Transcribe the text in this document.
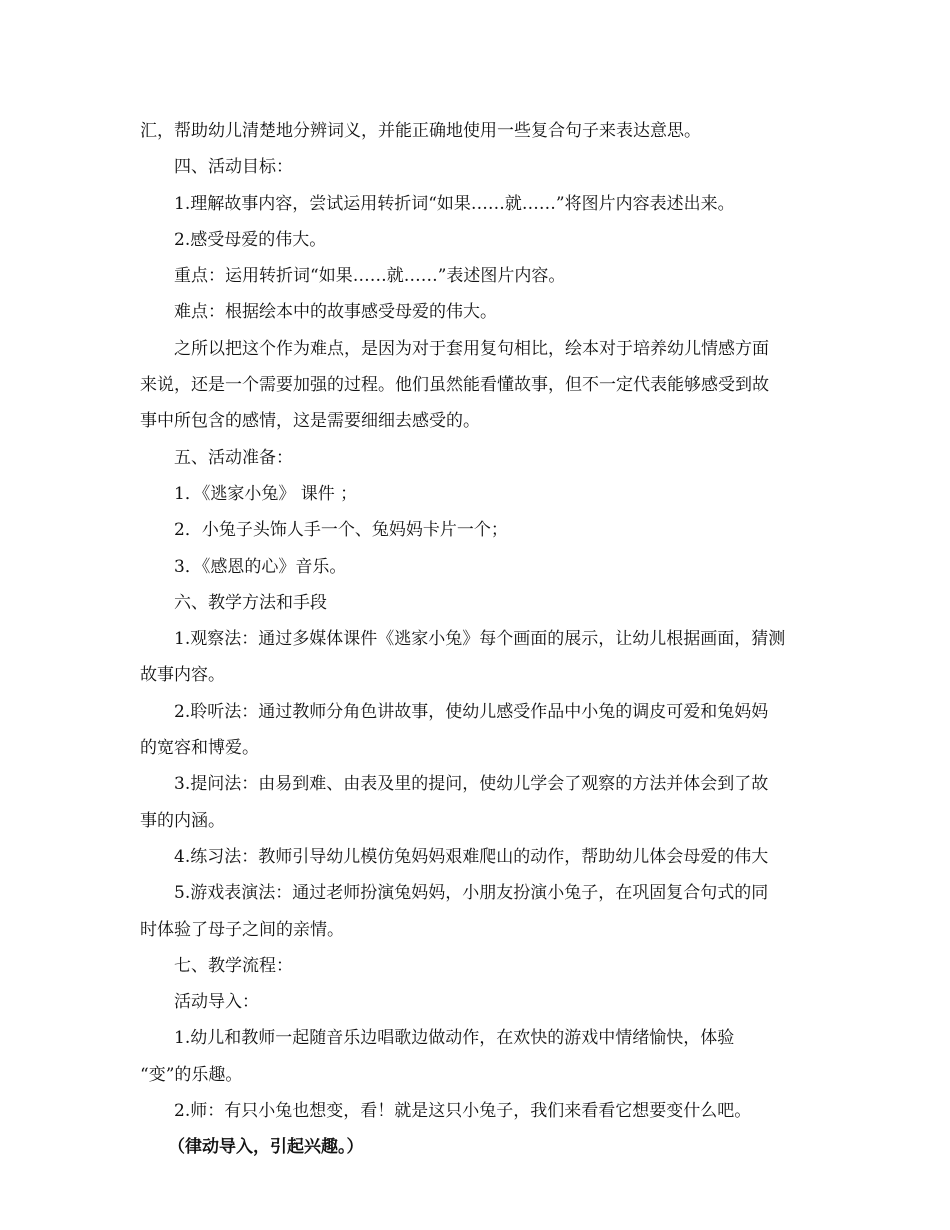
汇，帮助幼儿清楚地分辨词义，并能正确地使用一些复合句子来表达意思。

四、活动目标：

1.理解故事内容，尝试运用转折词“如果……就……”将图片内容表述出来。

2.感受母爱的伟大。

重点：运用转折词“如果……就……”表述图片内容。

难点：根据绘本中的故事感受母爱的伟大。

之所以把这个作为难点，是因为对于套用复句相比，绘本对于培养幼儿情感方面

来说，还是一个需要加强的过程。他们虽然能看懂故事，但不一定代表能够感受到故

事中所包含的感情，这是需要细细去感受的。

五、活动准备：

1．《逃家小兔》 课件 ；

2．小兔子头饰人手一个、兔妈妈卡片一个；

3．《感恩的心》音乐。

六、教学方法和手段

1.观察法：通过多媒体课件《逃家小兔》每个画面的展示，让幼儿根据画面，猜测

故事内容。

2.聆听法：通过教师分角色讲故事，使幼儿感受作品中小兔的调皮可爱和兔妈妈

的宽容和博爱。

3.提问法：由易到难、由表及里的提问，使幼儿学会了观察的方法并体会到了故

事的内涵。

4.练习法：教师引导幼儿模仿兔妈妈艰难爬山的动作，帮助幼儿体会母爱的伟大

5.游戏表演法：通过老师扮演兔妈妈，小朋友扮演小兔子，在巩固复合句式的同

时体验了母子之间的亲情。

七、教学流程：

活动导入：

1.幼儿和教师一起随音乐边唱歌边做动作，在欢快的游戏中情绪愉快，体验

“变”的乐趣。

2.师：有只小兔也想变，看！就是这只小兔子，我们来看看它想要变什么吧。

（律动导入，引起兴趣。）
